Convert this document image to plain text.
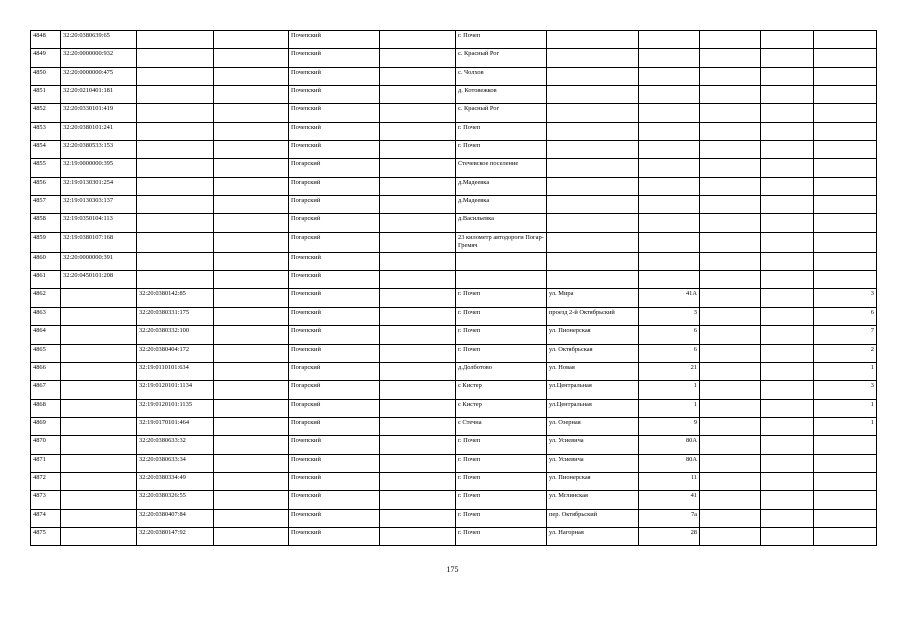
4848	32:20:0380639:65			Почепский		г. Почеп					
4849	32:20:0000000:932			Почепский		с. Красный Рог					
4850	32:20:0000000:475			Почепский		с. Чолхов					
4851	32:20:0210401:181			Почепский		д. Котовежков					
4852	32:20:0330101:419			Почепский		с. Красный Рог					
4853	32:20:0380101:241			Почепский		г. Почеп					
4854	32:20:0380533:153			Почепский		г. Почеп					
4855	32:19:0000000:395			Погарский		Стечевское поселение					
4856	32:19:0130301:254			Погарский		д.Мадеевка					
4857	32:19:0130303:137			Погарский		д.Мадеевка					
4858	32:19:0350104:113			Погарский		д.Васильевка					
4859	32:19:0380107:168			Погарский		23 километр автодороги Погар-Гремяч					
4860	32:20:0000000:391			Почепский							
4861	32:20:0450101:208			Почепский							
4862		32:20:0380142:85		Почепский		г. Почеп	ул. Мира	41А			3
4863		32:20:0380331:175		Почепский		г. Почеп	проезд 2-й Октябрьский	3			6
4864		32:20:0380332:100		Почепский		г. Почеп	ул. Пионерская	6			7
4865		32:20:0380404:172		Почепский		г. Почеп	ул. Октябрьская	6			2
4866		32:19:0110101:634		Погарский		д.Долботово	ул. Новая	21			1
4867		32:19:0120101:1134		Погарский		с Кистер	ул.Центральная	1			3
4868		32:19:0120101:1135		Погарский		с Кистер	ул.Центральная	1			1
4869		32:19:0170101:464		Погарский		с Стечна	ул. Озерная	9			1
4870		32:20:0380633:32		Почепский		г. Почеп	ул. Усиевича	80А			
4871		32:20:0380633:34		Почепский		г. Почеп	ул. Усиевича	80А			
4872		32:20:0380334:49		Почепский		г. Почеп	ул. Пионерская	11			
4873		32:20:0380326:55		Почепский		г. Почеп	ул. Мглинская	41			
4874		32:20:0380407:84		Почепский		г. Почеп	пер. Октябрьский	7а			
4875		32:20:0380147:92		Почепский		г. Почеп	ул. Нагорная	28			
175
